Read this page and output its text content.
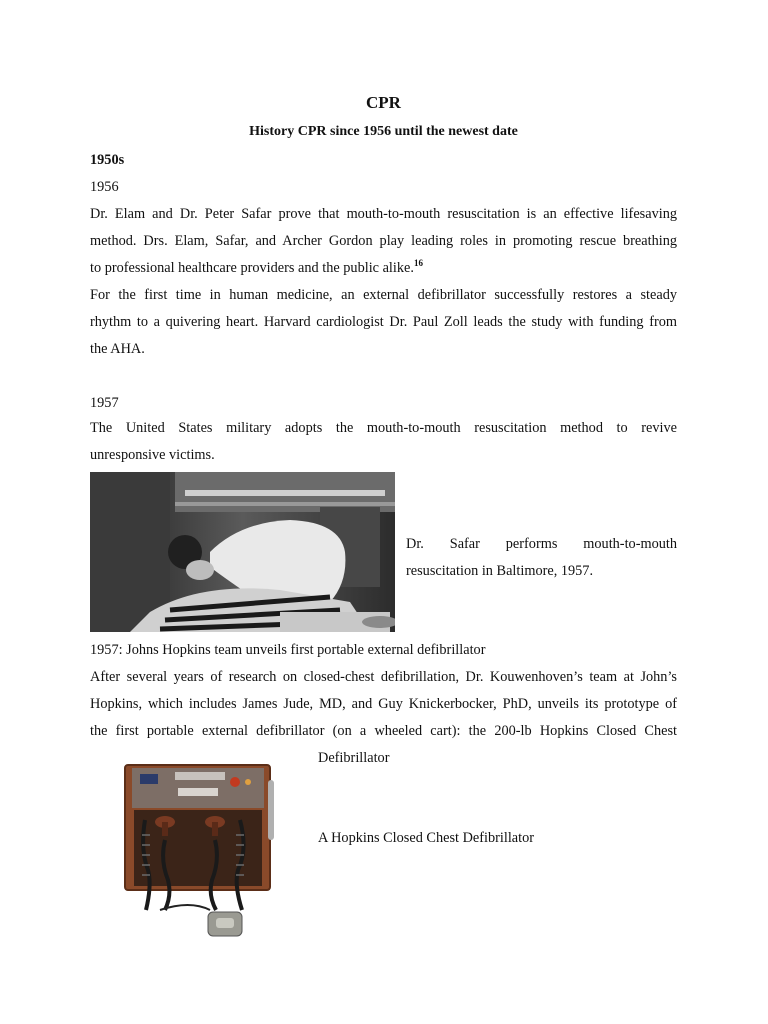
CPR
History CPR since 1956 until the newest date
1950s
1956
Dr. Elam and Dr. Peter Safar prove that mouth-to-mouth resuscitation is an effective lifesaving
method. Drs. Elam, Safar, and Archer Gordon play leading roles in promoting rescue breathing
to professional healthcare providers and the public alike.$^{16}$
For the first time in human medicine, an external defibrillator successfully restores a steady
rhythm to a quivering heart. Harvard cardiologist Dr. Paul Zoll leads the study with funding from
the AHA.
1957
The United States military adopts the mouth-to-mouth resuscitation method to revive
unresponsive victims.
Dr. Safar performs mouth-to-mouth
resuscitation in Baltimore, 1957.
1957: Johns Hopkins team unveils first portable external defibrillator
After several years of research on closed-chest defibrillation, Dr. Kouwenhoven’s team at John’s
Hopkins, which includes James Jude, MD, and Guy Knickerbocker, PhD, unveils its prototype of
the first portable external defibrillator (on a wheeled cart): the 200-lb Hopkins Closed Chest
Defibrillator
A Hopkins Closed Chest Defibrillator
